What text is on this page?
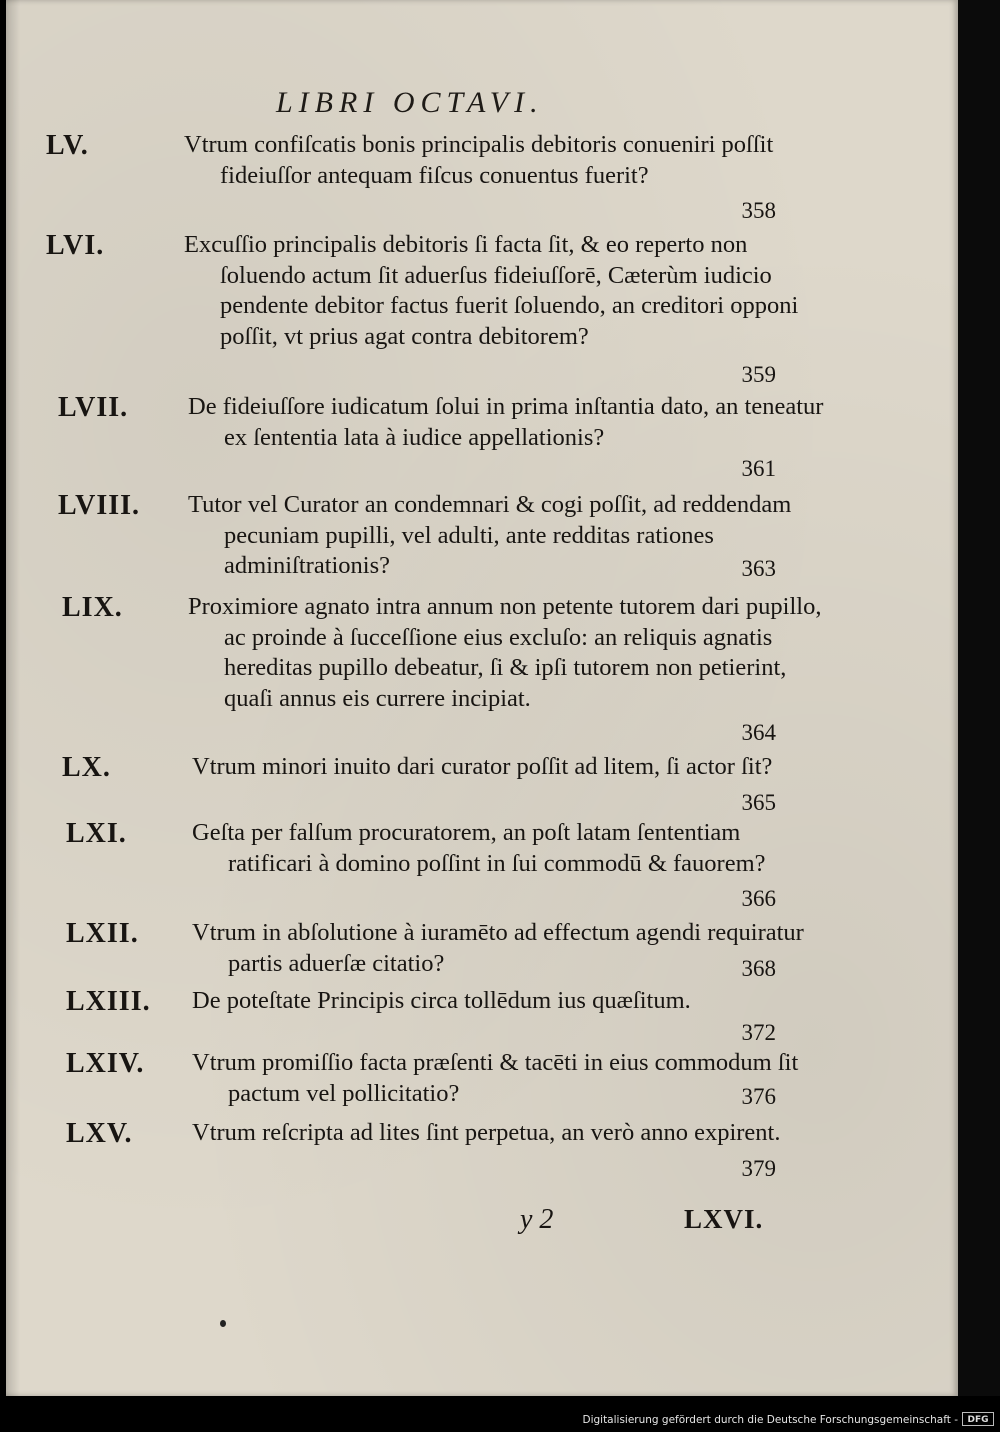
LIBRI OCTAVI.
LV.	Vtrum confiſcatis bonis principalis debitoris conueniri poſſit fideiuſſor antequam fiſcus conuentus fuerit?
358
LVI.	Excuſſio principalis debitoris ſi facta ſit, & eo reperto non ſoluendo actum ſit aduerſus fideiuſſorē, Cæterùm iudicio pendente debitor factus fuerit ſoluendo, an creditori opponi poſſit, vt prius agat contra debitorem?
359
LVII.	De fideiuſſore iudicatum ſolui in prima inſtantia dato, an teneatur ex ſententia lata à iudice appellationis?
361
LVIII.	Tutor vel Curator an condemnari & cogi poſſit, ad reddendam pecuniam pupilli, vel adulti, ante redditas rationes adminiſtrationis?	363
LIX.	Proximiore agnato intra annum non petente tutorem dari pupillo, ac proinde à ſucceſſione eius excluſo: an reliquis agnatis hereditas pupillo debeatur, ſi & ipſi tutorem non petierint, quaſi annus eis currere incipiat.
364
LX.	Vtrum minori inuito dari curator poſſit ad litem, ſi actor ſit?
365
LXI.	Geſta per falſum procuratorem, an poſt latam ſententiam ratificari à domino poſſint in ſui commodū & fauorem?
366
LXII.	Vtrum in abſolutione à iuramēto ad effectum agendi requiratur partis aduerſæ citatio?	368
LXIII.	De poteſtate Principis circa tollēdum ius quæſitum.
372
LXIV.	Vtrum promiſſio facta præſenti & tacēti in eius commodum ſit pactum vel pollicitatio?	376
LXV.	Vtrum reſcripta ad lites ſint perpetua, an verò anno expirent.
379
y 2	LXVI.
Digitalisierung gefördert durch die Deutsche Forschungsgemeinschaft -	DFG
